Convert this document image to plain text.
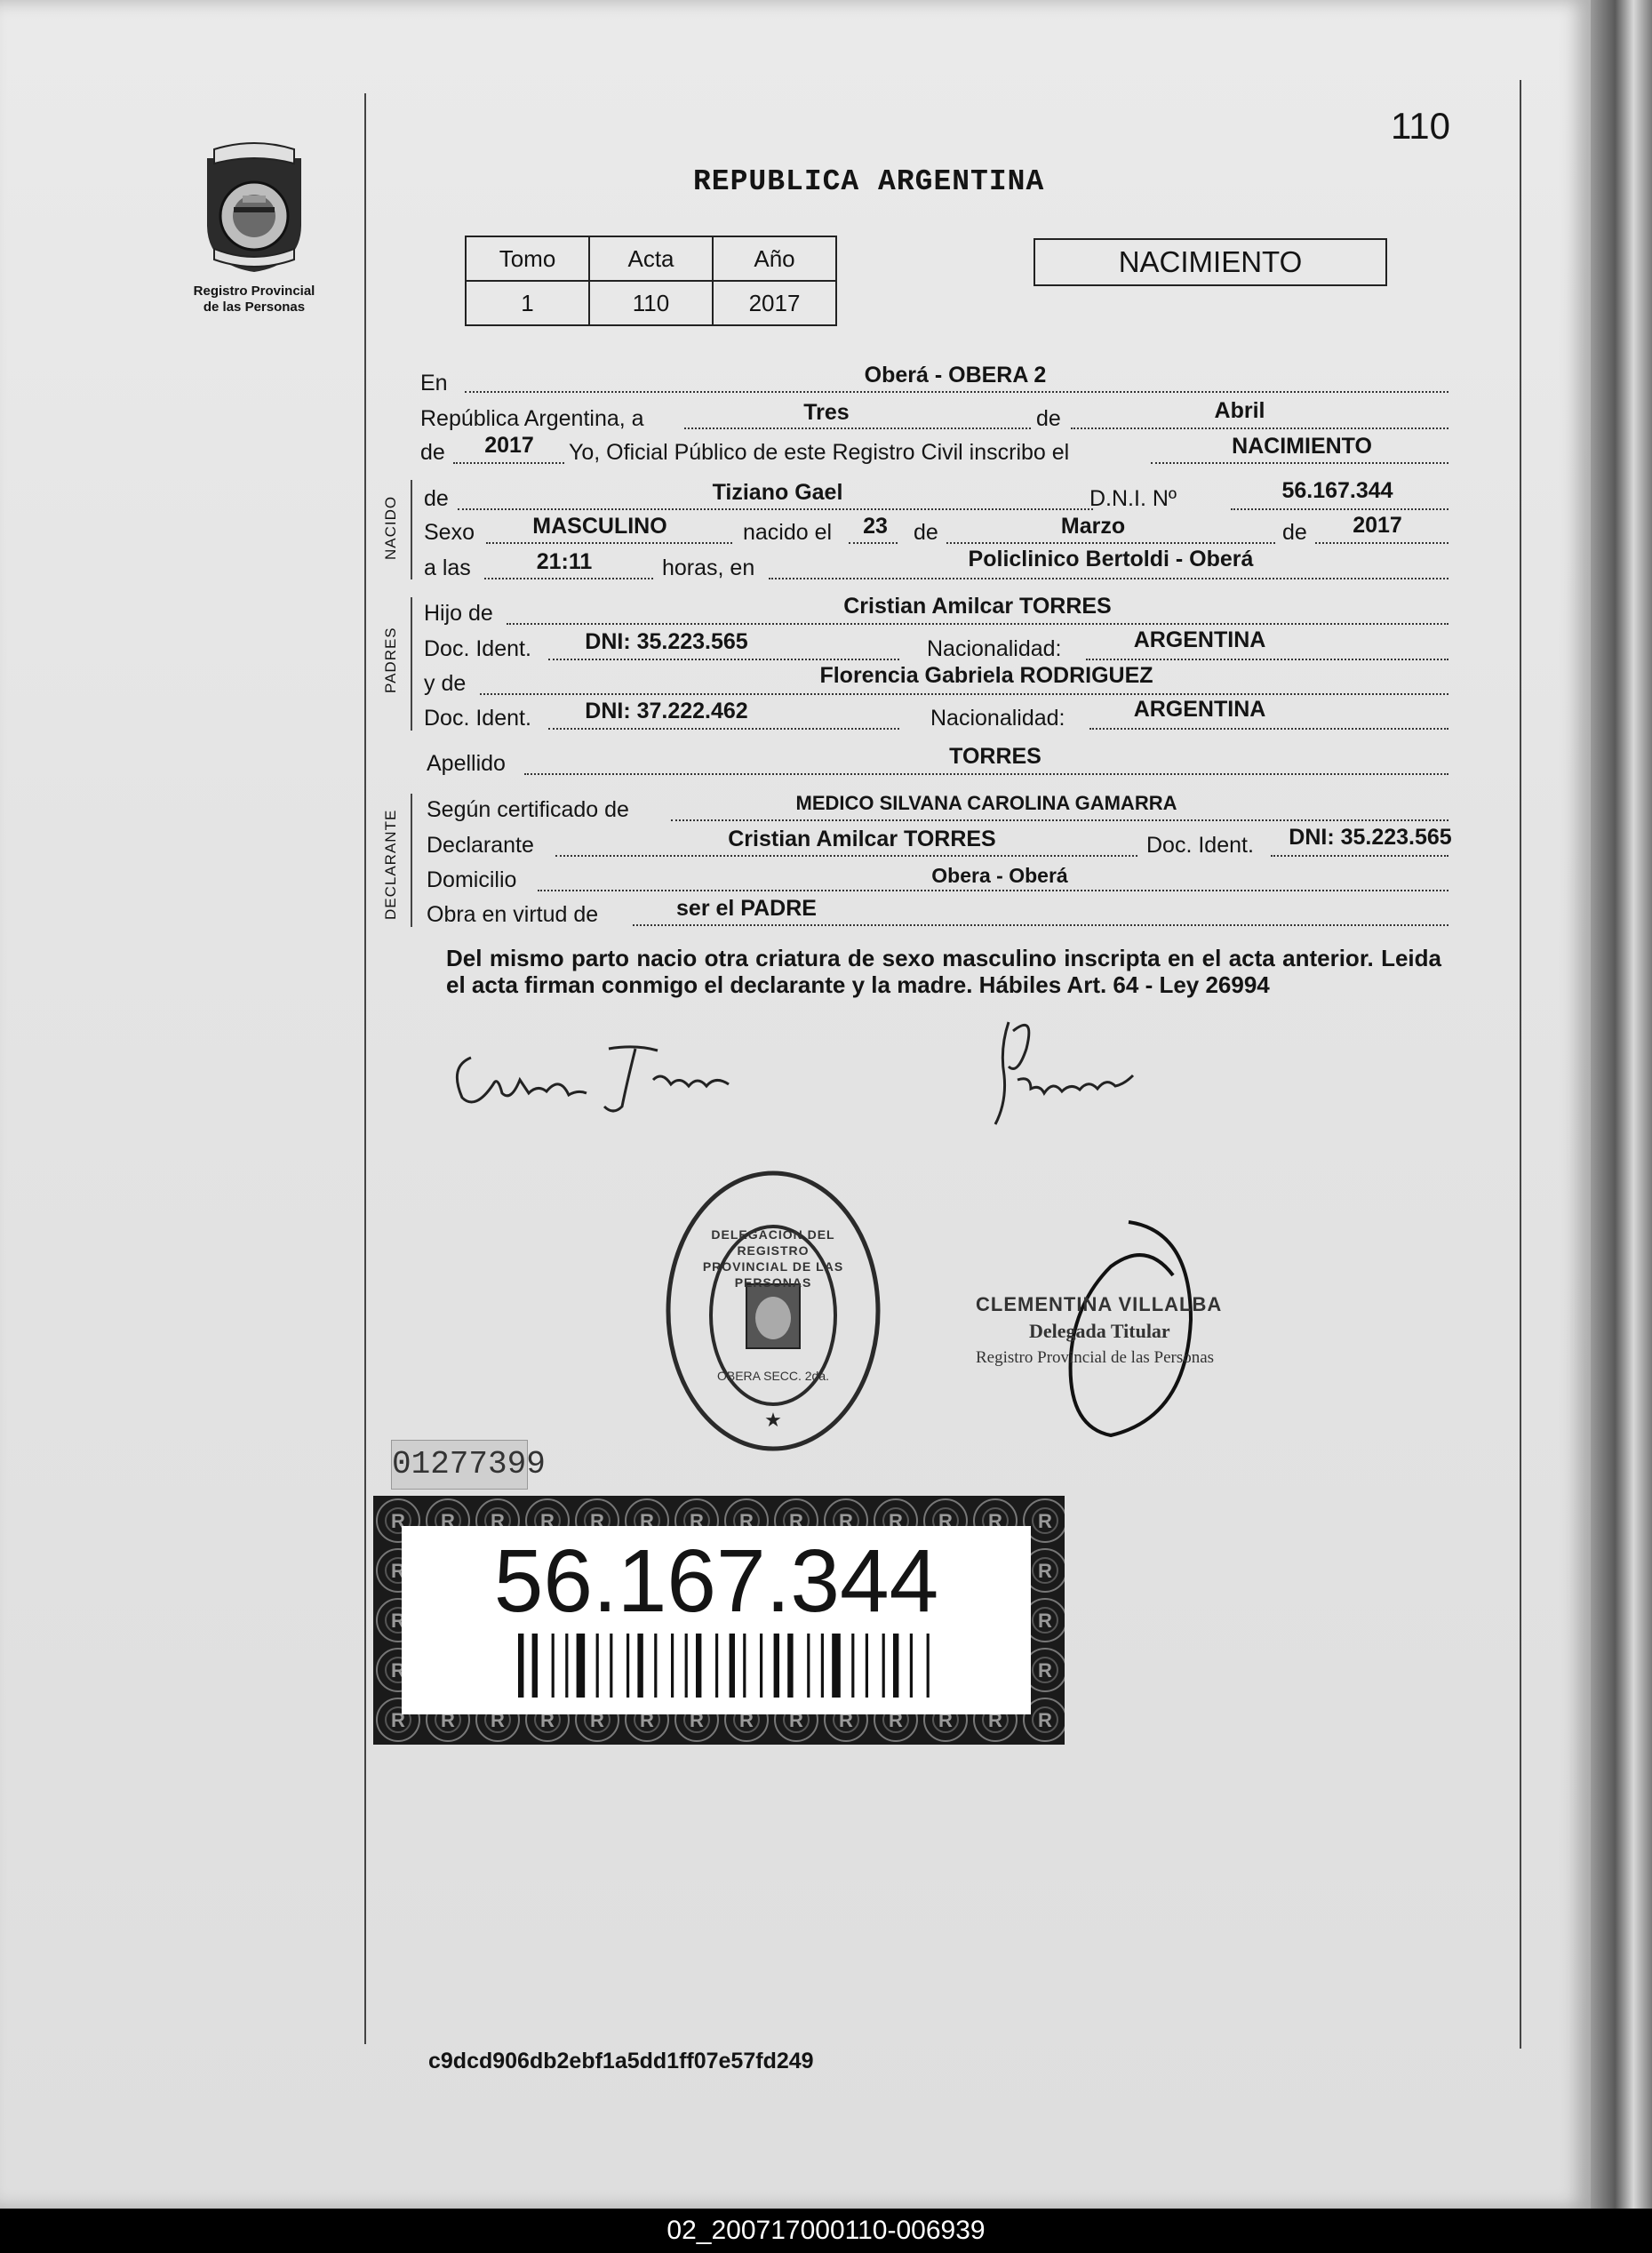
110
Registro Provincial
de las Personas
REPUBLICA ARGENTINA
Tomo	Acta	Año
1	110	2017
NACIMIENTO
En	Oberá - OBERA 2
República Argentina, a	Tres	de	Abril
de	2017	Yo, Oficial Público de este Registro Civil inscribo el	NACIMIENTO
NACIDO de	Tiziano Gael	D.N.I. Nº	56.167.344
Sexo	MASCULINO	nacido el	23	de	Marzo	de	2017
a las	21:11	horas, en	Policlinico Bertoldi - Oberá
PADRES
Hijo de	Cristian Amilcar TORRES
Doc. Ident.	DNI: 35.223.565	Nacionalidad:	ARGENTINA
y de	Florencia Gabriela RODRIGUEZ
Doc. Ident.	DNI: 37.222.462	Nacionalidad:	ARGENTINA
Apellido	TORRES
DECLARANTE Según certificado de	MEDICO SILVANA CAROLINA GAMARRA
Declarante	Cristian Amilcar TORRES	Doc. Ident.	DNI: 35.223.565
Domicilio	Obera - Oberá
Obra en virtud de	ser el PADRE
Del mismo parto nacio otra criatura de sexo masculino inscripta en el acta anterior. Leida el acta firman conmigo el declarante y la madre. Hábiles Art. 64 - Ley 26994
★
DELEGACION DEL REGISTRO PROVINCIAL DE LAS PERSONAS
OBERA SECC. 2da.
CLEMENTINA VILLALBA
Delegada Titular
Registro Provincial de las Personas
01277399
56.167.344
c9dcd906db2ebf1a5dd1ff07e57fd249
02_200717000110-006939
